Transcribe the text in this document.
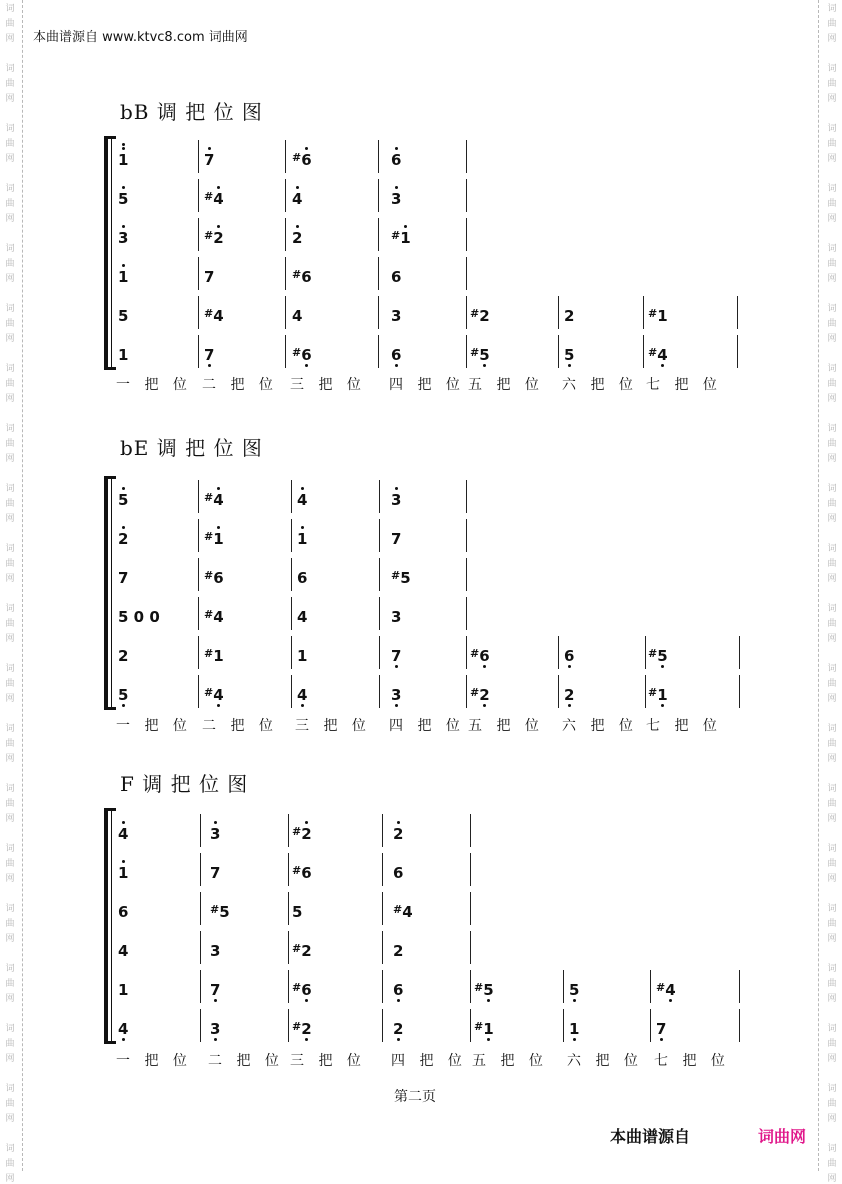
词
曲
网
词
曲
网
词
曲
网
词
曲
网
词
曲
网
词
曲
网
词
曲
网
词
曲
网
词
曲
网
词
曲
网
词
曲
网
词
曲
网
词
曲
网
词
曲
网
词
曲
网
词
曲
网
词
曲
网
词
曲
网
词
曲
网
词
曲
网
词
曲
网
词
曲
网
词
曲
网
词
曲
网
词
曲
网
词
曲
网
词
曲
网
词
曲
网
词
曲
网
词
曲
网
词
曲
网
词
曲
网
词
曲
网
词
曲
网
词
曲
网
词
曲
网
词
曲
网
词
曲
网
词
曲
网
词
曲
网
本曲谱源自 www.ktvc8.com 词曲网
bB 调 把 位 图
1	7	#6	6
5	#4	4	3
3	#2	2	#1
1	7	#6	6
5	#4	4	3	#2	2	#1
1	7	#6	6	#5	5	#4
一 把 位 二 把 位 三 把 位 四 把 位 五 把 位 六 把 位 七 把 位
bE 调 把 位 图
5	#4	4	3
2	#1	1	7
7	#6	6	#5
5 0 0	#4	4	3
2	#1	1	7	#6	6	#5
5	#4	4	3	#2	2	#1
一 把 位 二 把 位 三 把 位 四 把 位 五 把 位 六 把 位 七 把 位
F 调 把 位 图
4	3	#2	2
1	7	#6	6
6	#5	5	#4
4	3	#2	2
1	7	#6	6	#5	5	#4
4	3	#2	2	#1	1	7
一 把 位 二 把 位 三 把 位 四 把 位 五 把 位 六 把 位 七 把 位
第二页
本曲谱源自	词曲网
